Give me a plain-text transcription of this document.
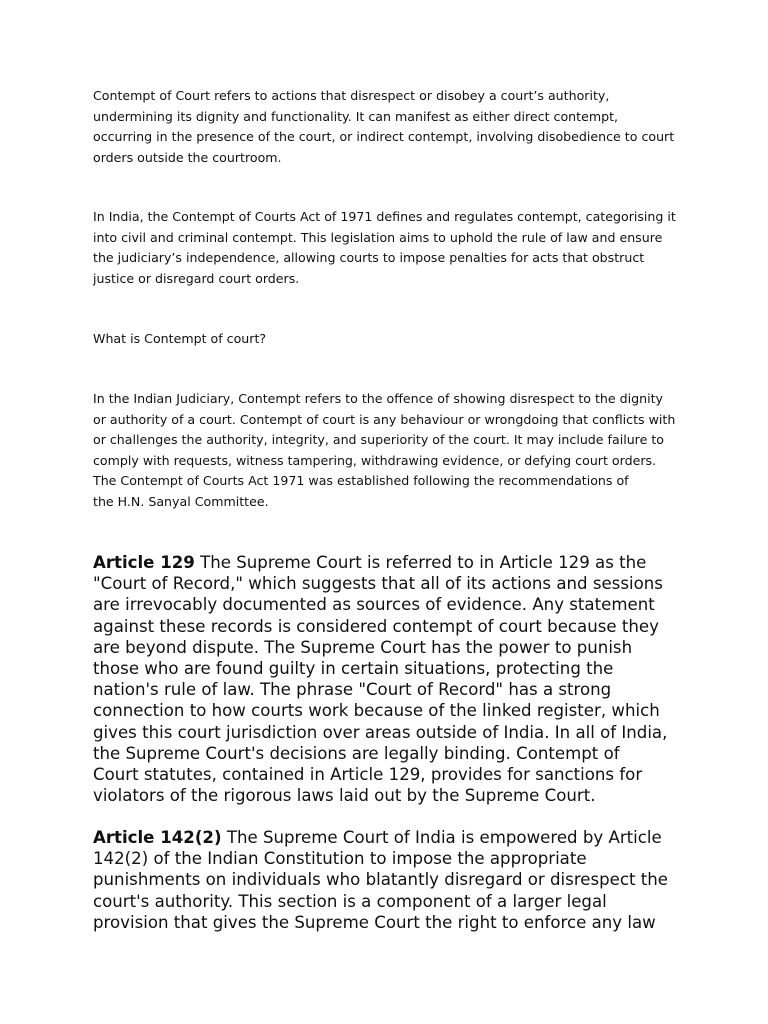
Contempt of Court refers to actions that disrespect or disobey a court’s authority,
undermining its dignity and functionality. It can manifest as either direct contempt,
occurring in the presence of the court, or indirect contempt, involving disobedience to court
orders outside the courtroom.

In India, the Contempt of Courts Act of 1971 defines and regulates contempt, categorising it
into civil and criminal contempt. This legislation aims to uphold the rule of law and ensure
the judiciary’s independence, allowing courts to impose penalties for acts that obstruct
justice or disregard court orders.

What is Contempt of court?

In the Indian Judiciary, Contempt refers to the offence of showing disrespect to the dignity
or authority of a court. Contempt of court is any behaviour or wrongdoing that conflicts with
or challenges the authority, integrity, and superiority of the court. It may include failure to
comply with requests, witness tampering, withdrawing evidence, or defying court orders.
The Contempt of Courts Act 1971 was established following the recommendations of
the H.N. Sanyal Committee.

Article 129 The Supreme Court is referred to in Article 129 as the
"Court of Record," which suggests that all of its actions and sessions
are irrevocably documented as sources of evidence. Any statement
against these records is considered contempt of court because they
are beyond dispute. The Supreme Court has the power to punish
those who are found guilty in certain situations, protecting the
nation's rule of law. The phrase "Court of Record" has a strong
connection to how courts work because of the linked register, which
gives this court jurisdiction over areas outside of India. In all of India,
the Supreme Court's decisions are legally binding. Contempt of
Court statutes, contained in Article 129, provides for sanctions for
violators of the rigorous laws laid out by the Supreme Court.

Article 142(2) The Supreme Court of India is empowered by Article
142(2) of the Indian Constitution to impose the appropriate
punishments on individuals who blatantly disregard or disrespect the
court's authority. This section is a component of a larger legal
provision that gives the Supreme Court the right to enforce any law
